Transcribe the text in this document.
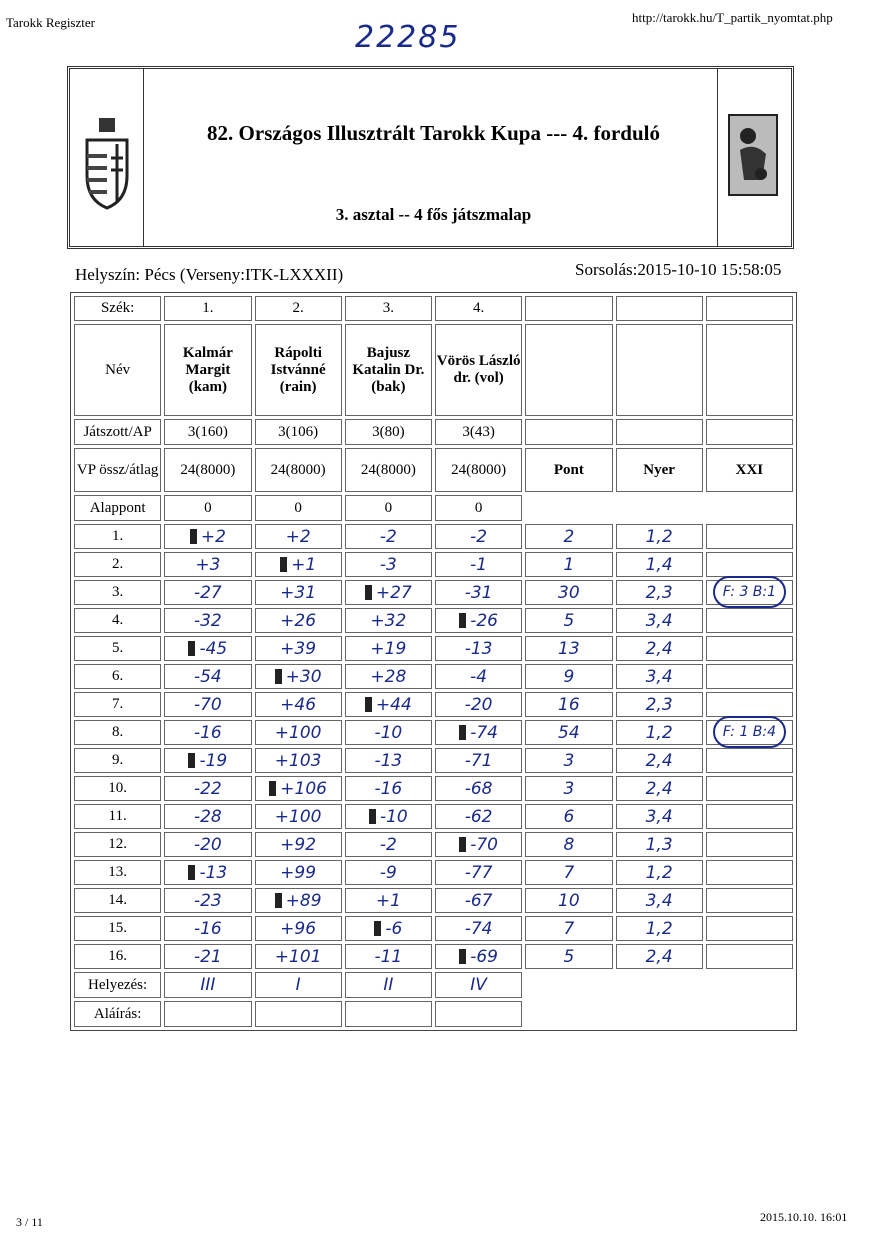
Tarokk Regiszter	http://tarokk.hu/T_partik_nyomtat.php
22285
82. Országos Illusztrált Tarokk Kupa --- 4. forduló
3. asztal -- 4 fős játszmalap
Helyszín: Pécs (Verseny:ITK-LXXXII)	Sorsolás:2015-10-10 15:58:05
Szék:	1.	2.	3.	4.			
Név	Kalmár Margit (kam)	Rápolti Istvánné (rain)	Bajusz Katalin Dr. (bak)	Vörös László dr. (vol)			
Játszott/AP	3(160)	3(106)	3(80)	3(43)			
VP össz/átlag	24(8000)	24(8000)	24(8000)	24(8000)	Pont	Nyer	XXI
Alappont	0	0	0	0			
1.	+2	+2	-2	-2	2	1,2	
2.	+3	+1	-3	-1	1	1,4	
3.	-27	+31	+27	-31	30	2,3	F: 3 B:1
4.	-32	+26	+32	-26	5	3,4	
5.	-45	+39	+19	-13	13	2,4	
6.	-54	+30	+28	-4	9	3,4	
7.	-70	+46	+44	-20	16	2,3	
8.	-16	+100	-10	-74	54	1,2	F: 1 B:4
9.	-19	+103	-13	-71	3	2,4	
10.	-22	+106	-16	-68	3	2,4	
11.	-28	+100	-10	-62	6	3,4	
12.	-20	+92	-2	-70	8	1,3	
13.	-13	+99	-9	-77	7	1,2	
14.	-23	+89	+1	-67	10	3,4	
15.	-16	+96	-6	-74	7	1,2	
16.	-21	+101	-11	-69	5	2,4	
Helyezés:	III	I	II	IV			
Aláírás:							
3 / 11	2015.10.10. 16:01
